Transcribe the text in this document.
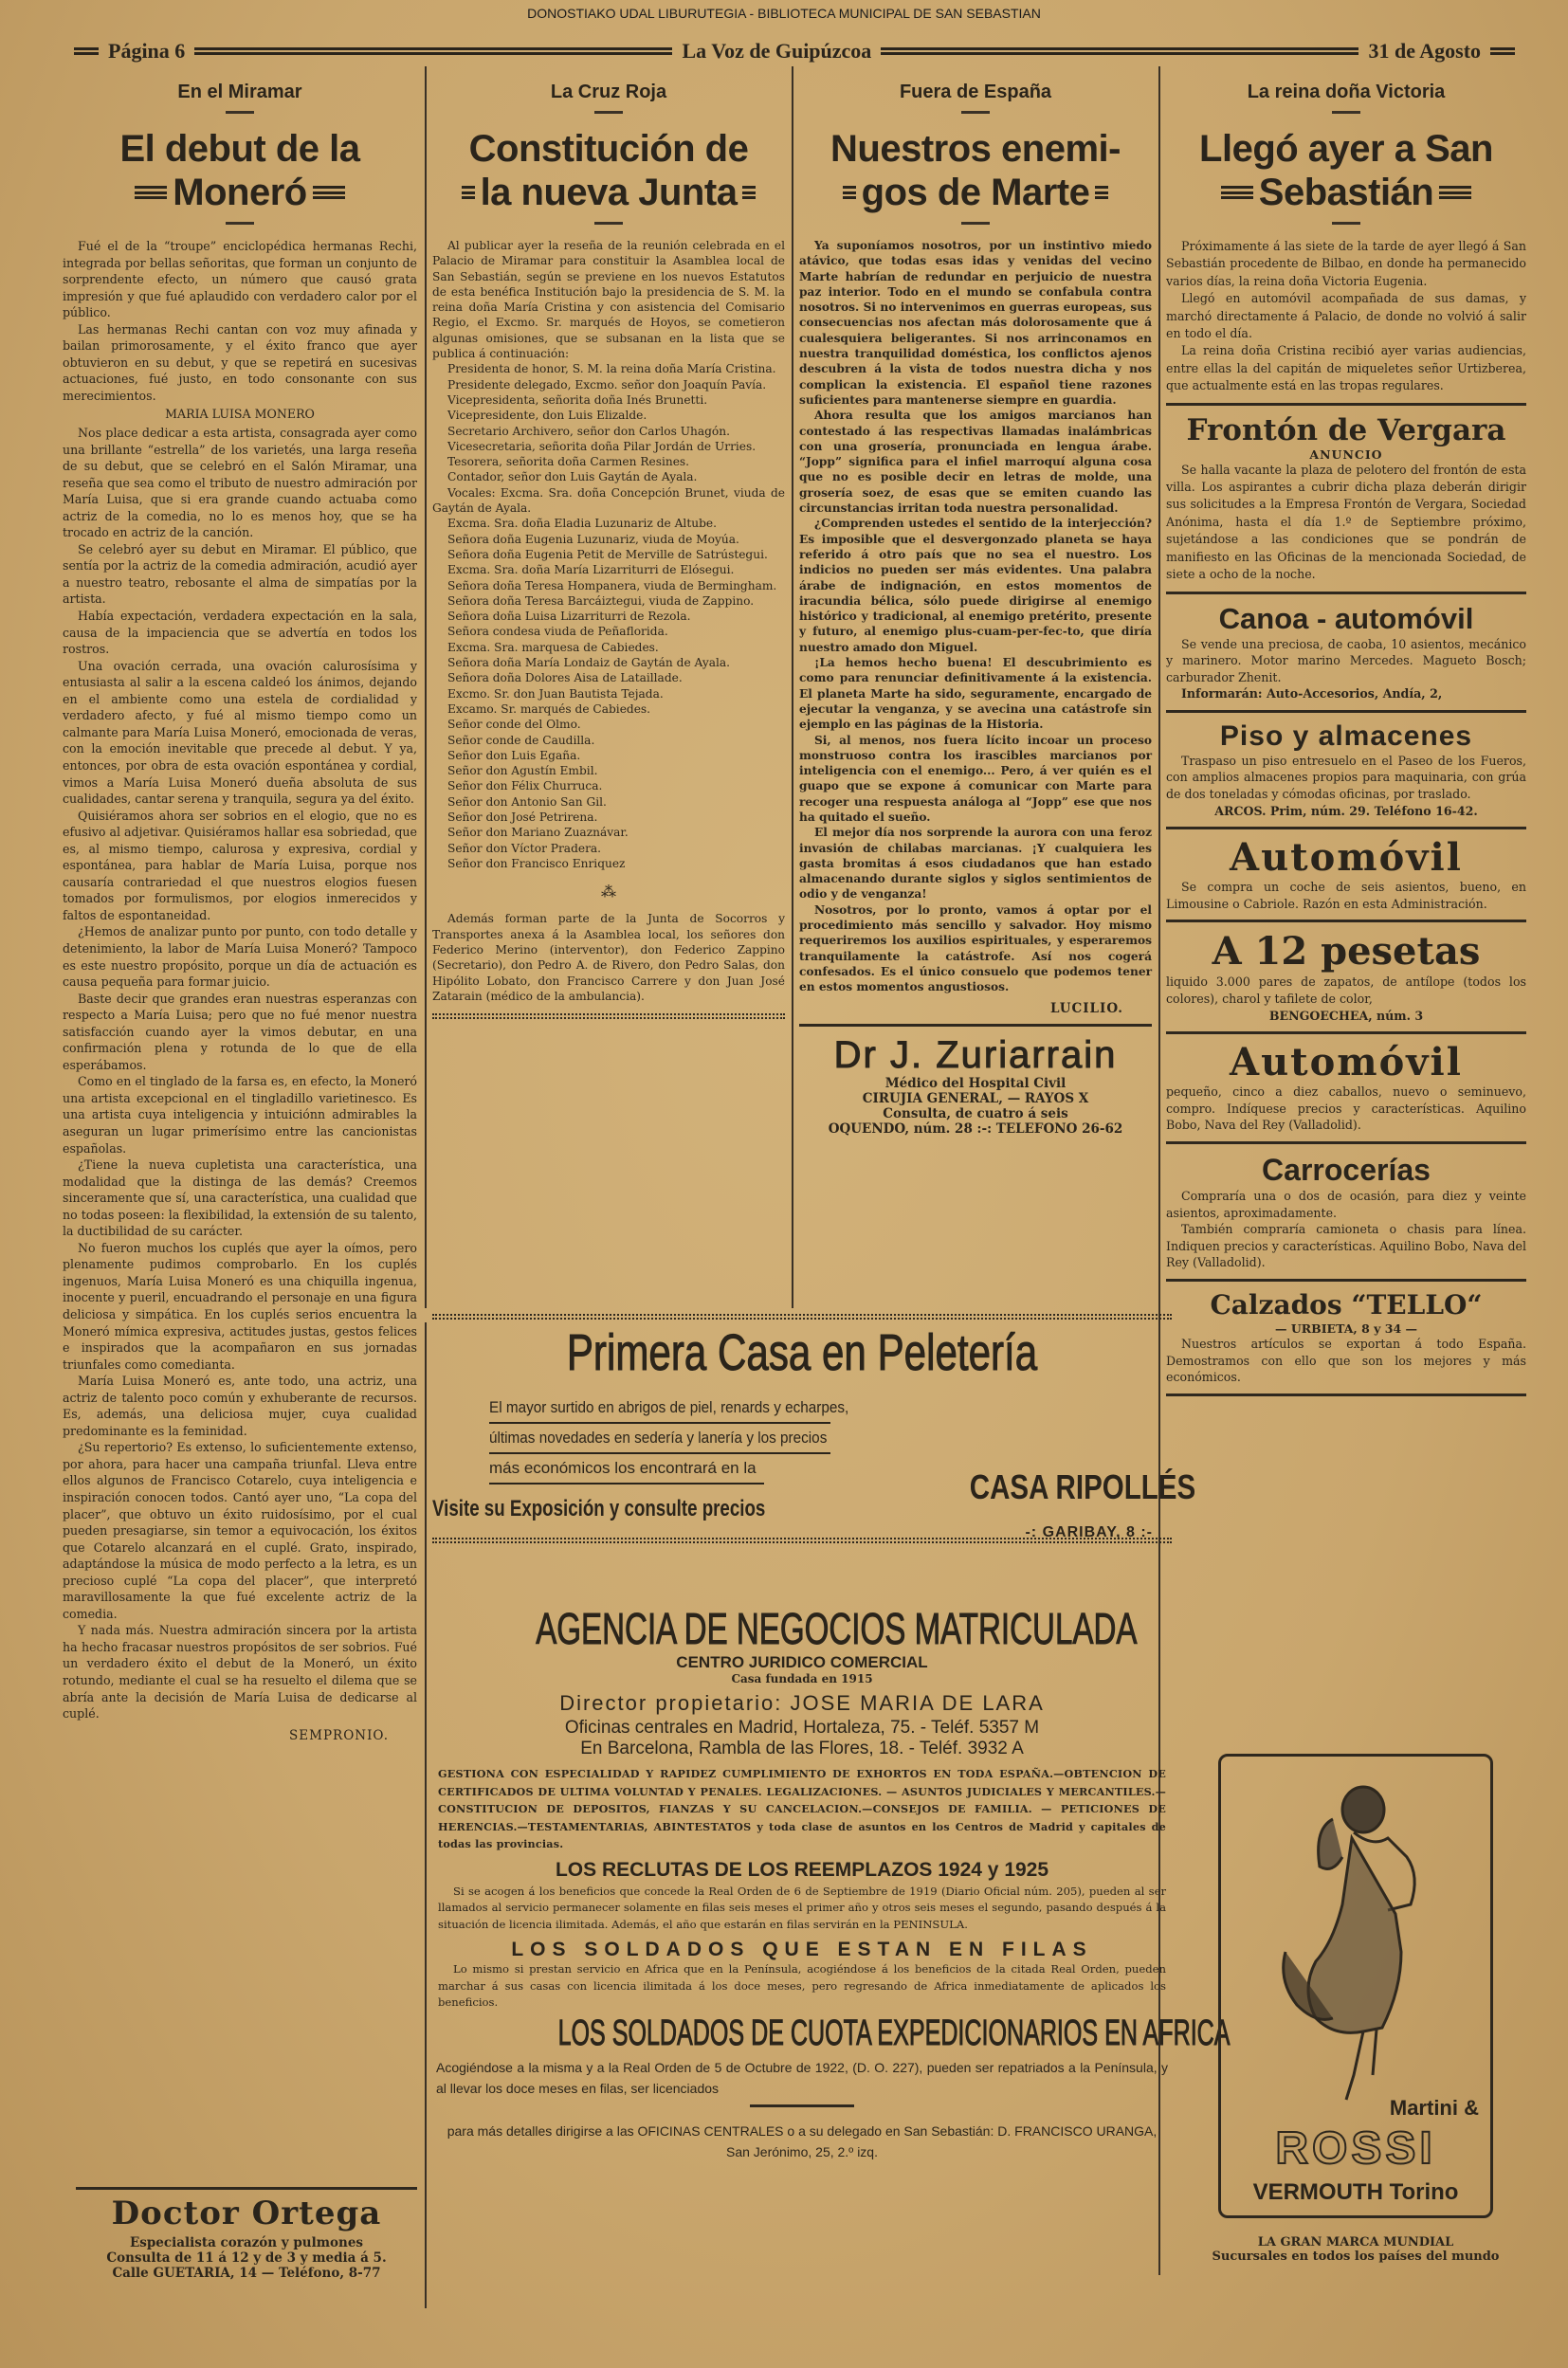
DONOSTIAKO UDAL LIBURUTEGIA - BIBLIOTECA MUNICIPAL DE SAN SEBASTIAN
Página 6	La Voz de Guipúzcoa	31 de Agosto
En el Miramar
El debut de la
Moneró

Fué el de la “troupe” enciclopédica hermanas Rechi, integrada por bellas señoritas, que forman un conjunto de sorprendente efecto, un número que causó grata impresión y que fué aplaudido con verdadero calor por el público.

Las hermanas Rechi cantan con voz muy afinada y bailan primorosamente, y el éxito franco que ayer obtuvieron en su debut, y que se repetirá en sucesivas actuaciones, fué justo, en todo consonante con sus merecimientos.

MARIA LUISA MONERO

Nos place dedicar a esta artista, consagrada ayer como una brillante “estrella” de los varietés, una larga reseña de su debut, que se celebró en el Salón Miramar, una reseña que sea como el tributo de nuestro admiración por María Luisa, que si era grande cuando actuaba como actriz de la comedia, no lo es menos hoy, que se ha trocado en actriz de la canción.

Se celebró ayer su debut en Miramar. El público, que sentía por la actriz de la comedia admiración, acudió ayer a nuestro teatro, rebosante el alma de simpatías por la artista.

Había expectación, verdadera expectación en la sala, causa de la impaciencia que se advertía en todos los rostros.

Una ovación cerrada, una ovación calurosísima y entusiasta al salir a la escena caldeó los ánimos, dejando en el ambiente como una estela de cordialidad y verdadero afecto, y fué al mismo tiempo como un calmante para María Luisa Moneró, emocionada de veras, con la emoción inevitable que precede al debut. Y ya, entonces, por obra de esta ovación espontánea y cordial, vimos a María Luisa Moneró dueña absoluta de sus cualidades, cantar serena y tranquila, segura ya del éxito.

Quisiéramos ahora ser sobrios en el elogio, que no es efusivo al adjetivar. Quisiéramos hallar esa sobriedad, que es, al mismo tiempo, calurosa y expresiva, cordial y espontánea, para hablar de María Luisa, porque nos causaría contrariedad el que nuestros elogios fuesen tomados por formulismos, por elogios inmerecidos y faltos de espontaneidad.

¿Hemos de analizar punto por punto, con todo detalle y detenimiento, la labor de María Luisa Moneró? Tampoco es este nuestro propósito, porque un día de actuación es causa pequeña para formar juicio.

Baste decir que grandes eran nuestras esperanzas con respecto a María Luisa; pero que no fué menor nuestra satisfacción cuando ayer la vimos debutar, en una confirmación plena y rotunda de lo que de ella esperábamos.

Como en el tinglado de la farsa es, en efecto, la Moneró una artista excepcional en el tingladillo varietinesco. Es una artista cuya inteligencia y intuiciónn admirables la aseguran un lugar primerísimo entre las cancionistas españolas.

¿Tiene la nueva cupletista una característica, una modalidad que la distinga de las demás? Creemos sinceramente que sí, una característica, una cualidad que no todas poseen: la flexibilidad, la extensión de su talento, la ductibilidad de su carácter.

No fueron muchos los cuplés que ayer la oímos, pero plenamente pudimos comprobarlo. En los cuplés ingenuos, María Luisa Moneró es una chiquilla ingenua, inocente y pueril, encuadrando el personaje en una figura deliciosa y simpática. En los cuplés serios encuentra la Moneró mímica expresiva, actitudes justas, gestos felices e inspirados que la acompañaron en sus jornadas triunfales como comedianta.

María Luisa Moneró es, ante todo, una actriz, una actriz de talento poco común y exhuberante de recursos. Es, además, una deliciosa mujer, cuya cualidad predominante es la feminidad.

¿Su repertorio? Es extenso, lo suficientemente extenso, por ahora, para hacer una campaña triunfal. Lleva entre ellos algunos de Francisco Cotarelo, cuya inteligencia e inspiración conocen todos. Cantó ayer uno, “La copa del placer”, que obtuvo un éxito ruidosísimo, por el cual pueden presagiarse, sin temor a equivocación, los éxitos que Cotarelo alcanzará en el cuplé. Grato, inspirado, adaptándose la música de modo perfecto a la letra, es un precioso cuplé “La copa del placer”, que interpretó maravillosamente la que fué excelente actriz de la comedia.

Y nada más. Nuestra admiración sincera por la artista ha hecho fracasar nuestros propósitos de ser sobrios. Fué un verdadero éxito el debut de la Moneró, un éxito rotundo, mediante el cual se ha resuelto el dilema que se abría ante la decisión de María Luisa de dedicarse al cuplé.

SEMPRONIO.
Doctor Ortega
Especialista corazón y pulmones
Consulta de 11 á 12 y de 3 y media á 5.
Calle GUETARIA, 14 — Teléfono, 8-77
La Cruz Roja
Constitución de
la nueva Junta

Al publicar ayer la reseña de la reunión celebrada en el Palacio de Miramar para constituir la Asamblea local de San Sebastián, según se previene en los nuevos Estatutos de esta benéfica Institución bajo la presidencia de S. M. la reina doña María Cristina y con asistencia del Comisario Regio, el Excmo. Sr. marqués de Hoyos, se cometieron algunas omisiones, que se subsanan en la lista que se publica á continuación:

Presidenta de honor, S. M. la reina doña María Cristina.

Presidente delegado, Excmo. señor don Joaquín Pavía.

Vicepresidenta, señorita doña Inés Brunetti.

Vicepresidente, don Luis Elizalde.

Secretario Archivero, señor don Carlos Uhagón.

Vicesecretaria, señorita doña Pilar Jordán de Urries.

Tesorera, señorita doña Carmen Resines.

Contador, señor don Luis Gaytán de Ayala.

Vocales: Excma. Sra. doña Concepción Brunet, viuda de Gaytán de Ayala.

Excma. Sra. doña Eladia Luzunariz de Altube.

Señora doña Eugenia Luzunariz, viuda de Moyúa.

Señora doña Eugenia Petit de Merville de Satrústegui.

Excma. Sra. doña María Lizarriturri de Elósegui.

Señora doña Teresa Hompanera, viuda de Bermingham.

Señora doña Teresa Barcáiztegui, viuda de Zappino.

Señora doña Luisa Lizarriturri de Rezola.

Señora condesa viuda de Peñaflorida.

Excma. Sra. marquesa de Cabiedes.

Señora doña María Londaiz de Gaytán de Ayala.

Señora doña Dolores Aisa de Lataillade.

Excmo. Sr. don Juan Bautista Tejada.

Excamo. Sr. marqués de Cabiedes.

Señor conde del Olmo.

Señor conde de Caudilla.

Señor don Luis Egaña.

Señor don Agustín Embil.

Señor don Félix Churruca.

Señor don Antonio San Gil.

Señor don José Petrirena.

Señor don Mariano Zuaznávar.

Señor don Víctor Pradera.

Señor don Francisco Enriquez

⁂

Además forman parte de la Junta de Socorros y Transportes anexa á la Asamblea local, los señores don Federico Merino (interventor), don Federico Zappino (Secretario), don Pedro A. de Rivero, don Pedro Salas, don Hipólito Lobato, don Francisco Carrere y don Juan José Zatarain (médico de la ambulancia).

Fuera de España
Nuestros enemi-
gos de Marte

Ya suponíamos nosotros, por un instintivo miedo atávico, que todas esas idas y venidas del vecino Marte habrían de redundar en perjuicio de nuestra paz interior. Todo en el mundo se confabula contra nosotros. Si no intervenimos en guerras europeas, sus consecuencias nos afectan más dolorosamente que á cualesquiera beligerantes. Si nos arrinconamos en nuestra tranquilidad doméstica, los conflictos ajenos descubren á la vista de todos nuestra dicha y nos complican la existencia. El español tiene razones suficientes para mantenerse siempre en guardia.

Ahora resulta que los amigos marcianos han contestado á las respectivas llamadas inalámbricas con una grosería, pronunciada en lengua árabe. “Jopp” significa para el infiel marroquí alguna cosa que no es posible decir en letras de molde, una grosería soez, de esas que se emiten cuando las circunstancias irritan toda nuestra personalidad.

¿Comprenden ustedes el sentido de la interjección? Es imposible que el desvergonzado planeta se haya referido á otro país que no sea el nuestro. Los indicios no pueden ser más evidentes. Una palabra árabe de indignación, en estos momentos de iracundia bélica, sólo puede dirigirse al enemigo histórico y tradicional, al enemigo pretérito, presente y futuro, al enemigo plus-cuam-per-fec-to, que diría nuestro amado don Miguel.

¡La hemos hecho buena! El descubrimiento es como para renunciar definitivamente á la existencia. El planeta Marte ha sido, seguramente, encargado de ejecutar la venganza, y se avecina una catástrofe sin ejemplo en las páginas de la Historia.

Si, al menos, nos fuera lícito incoar un proceso monstruoso contra los irascibles marcianos por inteligencia con el enemigo... Pero, á ver quién es el guapo que se expone á comunicar con Marte para recoger una respuesta análoga al “Jopp” ese que nos ha quitado el sueño.

El mejor día nos sorprende la aurora con una feroz invasión de chilabas marcianas. ¡Y cualquiera les gasta bromitas á esos ciudadanos que han estado almacenando durante siglos y siglos sentimientos de odio y de venganza!

Nosotros, por lo pronto, vamos á optar por el procedimiento más sencillo y salvador. Hoy mismo requeriremos los auxilios espirituales, y esperaremos tranquilamente la catástrofe. Así nos cogerá confesados. Es el único consuelo que podemos tener en estos momentos angustiosos.

LUCILIO.
Dr J. Zuriarrain
Médico del Hospital Civil
CIRUJIA GENERAL, — RAYOS X
Consulta, de cuatro á seis
OQUENDO, núm. 28 :-: TELEFONO 26-62
Primera Casa en Peletería
El mayor surtido en abrigos de piel, renards y echarpes,
últimas novedades en sedería y lanería y los precios
más económicos los encontrará en la	CASA RIPOLLÉS
Visite su Exposición y consulte precios
-: GARIBAY, 8 :-
AGENCIA DE NEGOCIOS MATRICULADA
CENTRO JURIDICO COMERCIAL
Casa fundada en 1915
Director propietario: JOSE MARIA DE LARA
Oficinas centrales en Madrid, Hortaleza, 75. - Teléf. 5357 M
En Barcelona, Rambla de las Flores, 18. - Teléf. 3932 A
GESTIONA CON ESPECIALIDAD Y RAPIDEZ CUMPLIMIENTO DE EXHORTOS EN TODA ESPAÑA.—OBTENCION DE CERTIFICADOS DE ULTIMA VOLUNTAD Y PENALES. LEGALIZACIONES. — ASUNTOS JUDICIALES Y MERCANTILES.—CONSTITUCION DE DEPOSITOS, FIANZAS Y SU CANCELACION.—CONSEJOS DE FAMILIA. — PETICIONES DE HERENCIAS.—TESTAMENTARIAS, ABINTESTATOS y toda clase de asuntos en los Centros de Madrid y capitales de todas las provincias.
LOS RECLUTAS DE LOS REEMPLAZOS 1924 y 1925
Si se acogen á los beneficios que concede la Real Orden de 6 de Septiembre de 1919 (Diario Oficial núm. 205), pueden al ser llamados al servicio permanecer solamente en filas seis meses el primer año y otros seis meses el segundo, pasando después á la situación de licencia ilimitada. Además, el año que estarán en filas servirán en la PENINSULA.
LOS SOLDADOS QUE ESTAN EN FILAS
Lo mismo si prestan servicio en Africa que en la Península, acogiéndose á los beneficios de la citada Real Orden, pueden marchar á sus casas con licencia ilimitada á los doce meses, pero regresando de Africa inmediatamente de aplicados los beneficios.
LOS SOLDADOS DE CUOTA EXPEDICIONARIOS EN AFRICA
Acogiéndose a la misma y a la Real Orden de 5 de Octubre de 1922, (D. O. 227), pueden ser repatriados a la Península, y al llevar los doce meses en filas, ser licenciados
para más detalles dirigirse a las OFICINAS CENTRALES o a su delegado en San Sebastián: D. FRANCISCO URANGA, San Jerónimo, 25, 2.º izq.
La reina doña Victoria
Llegó ayer a San
Sebastián

Próximamente á las siete de la tarde de ayer llegó á San Sebastián procedente de Bilbao, en donde ha permanecido varios días, la reina doña Victoria Eugenia.

Llegó en automóvil acompañada de sus damas, y marchó directamente á Palacio, de donde no volvió á salir en todo el día.

La reina doña Cristina recibió ayer varias audiencias, entre ellas la del capitán de miqueletes señor Urtizberea, que actualmente está en las tropas regulares.

Frontón de Vergara
ANUNCIO

Se halla vacante la plaza de pelotero del frontón de esta villa. Los aspirantes a cubrir dicha plaza deberán dirigir sus solicitudes a la Empresa Frontón de Vergara, Sociedad Anónima, hasta el día 1.º de Septiembre próximo, sujetándose a las condiciones que se pondrán de manifiesto en las Oficinas de la mencionada Sociedad, de siete a ocho de la noche.

Canoa - automóvil

Se vende una preciosa, de caoba, 10 asientos, mecánico y marinero. Motor marino Mercedes. Magueto Bosch; carburador Zhenit.

Informarán: Auto-Accesorios, Andía, 2,

Piso y almacenes

Traspaso un piso entresuelo en el Paseo de los Fueros, con amplios almacenes propios para maquinaria, con grúa de dos toneladas y cómodas oficinas, por traslado.

ARCOS. Prim, núm. 29. Teléfono 16-42.

Automóvil

Se compra un coche de seis asientos, bueno, en Limousine o Cabriole. Razón en esta Administración.

A 12 pesetas

liquido 3.000 pares de zapatos, de antílope (todos los colores), charol y tafilete de color,

BENGOECHEA, núm. 3

Automóvil

pequeño, cinco a diez caballos, nuevo o seminuevo, compro. Indíquese precios y características. Aquilino Bobo, Nava del Rey (Valladolid).

Carrocerías

Compraría una o dos de ocasión, para diez y veinte asientos, aproximadamente.

También compraría camioneta o chasis para línea. Indiquen precios y características. Aquilino Bobo, Nava del Rey (Valladolid).

Calzados “TELLO“
— URBIETA, 8 y 34 —

Nuestros artículos se exportan á todo España. Demostramos con ello que son los mejores y más económicos.

Martini &
ROSSI
VERMOUTH Torino
LA GRAN MARCA MUNDIAL
Sucursales en todos los países del mundo
